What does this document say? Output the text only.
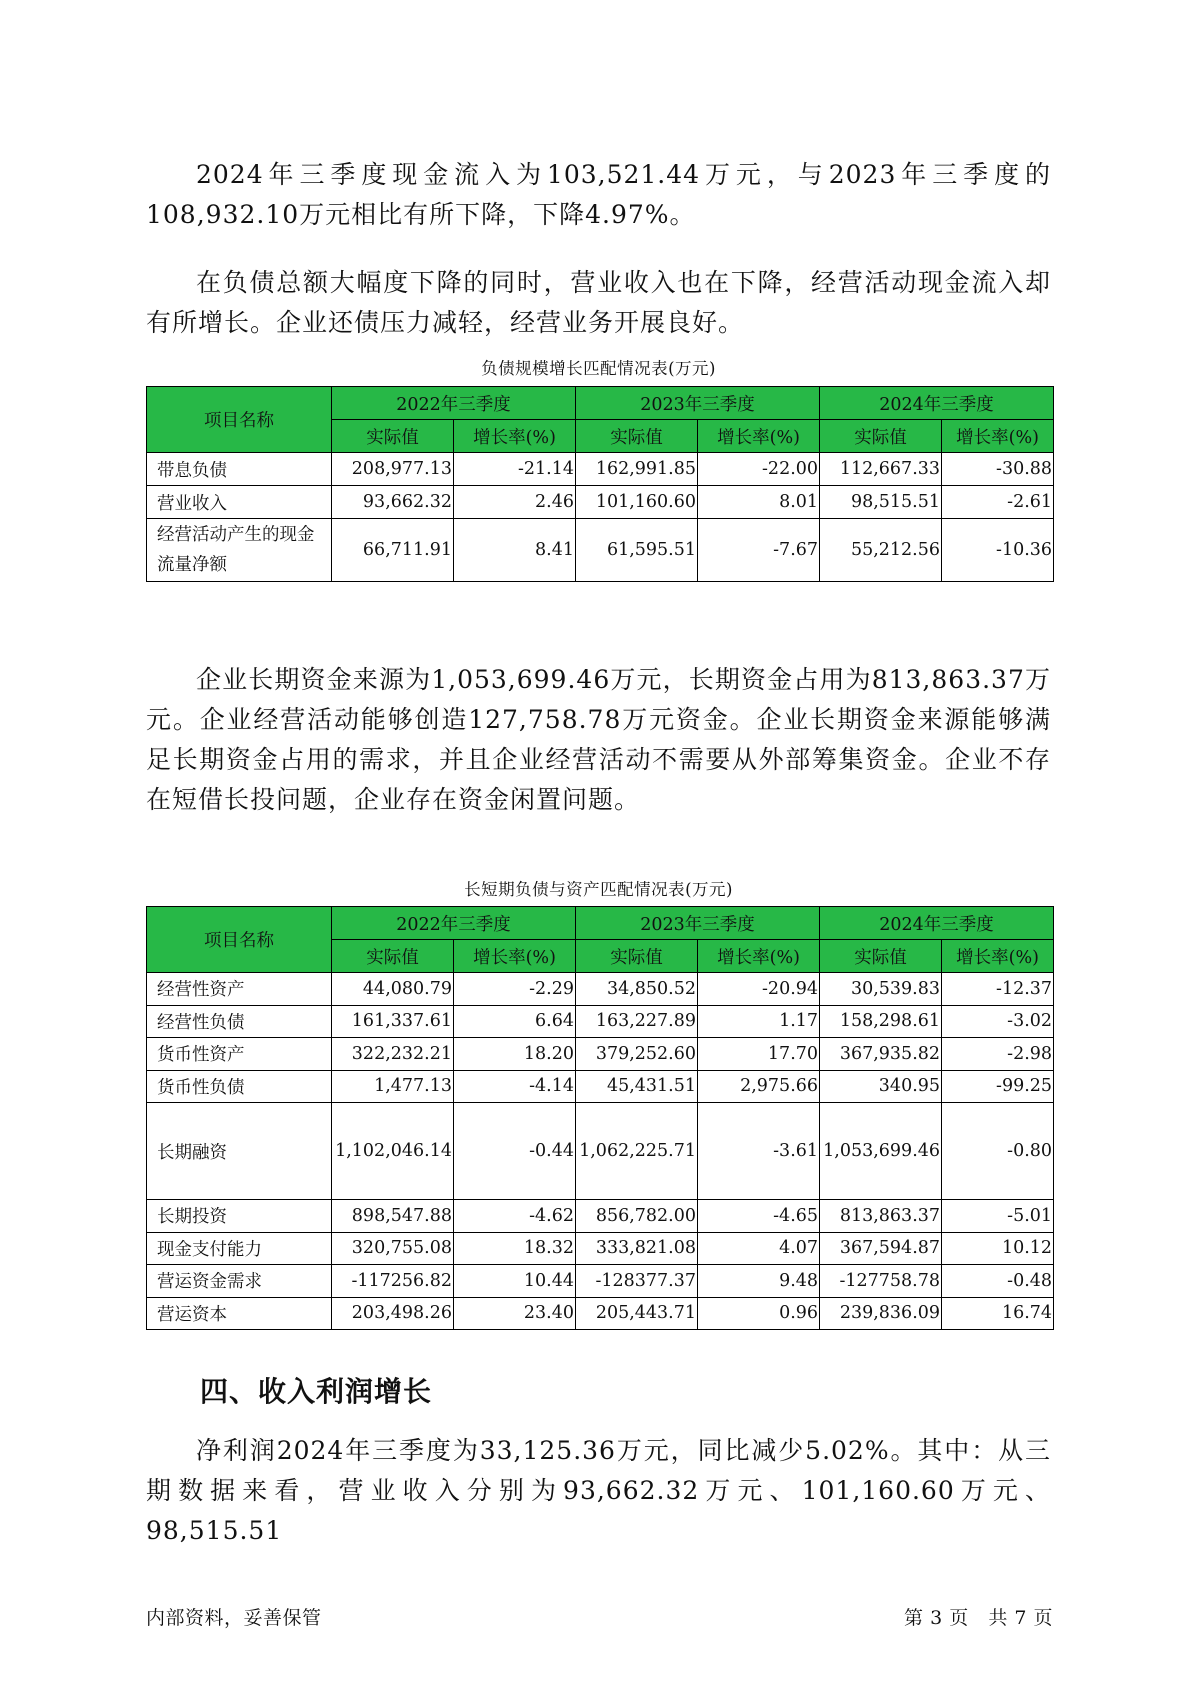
2024年三季度现金流入为103,521.44万元，与2023年三季度的108,932.10万元相比有所下降，下降4.97%。

在负债总额大幅度下降的同时，营业收入也在下降，经营活动现金流入却有所增长。企业还债压力减轻，经营业务开展良好。

负债规模增长匹配情况表(万元)
项目名称	2022年三季度		2023年三季度		2024年三季度	
	实际值	增长率(%)	实际值	增长率(%)	实际值	增长率(%)
带息负债	208,977.13	-21.14	162,991.85	-22.00	112,667.33	-30.88
营业收入	93,662.32	2.46	101,160.60	8.01	98,515.51	-2.61
经营活动产生的现金流量净额	66,711.91	8.41	61,595.51	-7.67	55,212.56	-10.36

企业长期资金来源为1,053,699.46万元，长期资金占用为813,863.37万元。企业经营活动能够创造127,758.78万元资金。企业长期资金来源能够满足长期资金占用的需求，并且企业经营活动不需要从外部筹集资金。企业不存在短借长投问题，企业存在资金闲置问题。

长短期负债与资产匹配情况表(万元)
项目名称	2022年三季度		2023年三季度		2024年三季度	
	实际值	增长率(%)	实际值	增长率(%)	实际值	增长率(%)
经营性资产	44,080.79	-2.29	34,850.52	-20.94	30,539.83	-12.37
经营性负债	161,337.61	6.64	163,227.89	1.17	158,298.61	-3.02
货币性资产	322,232.21	18.20	379,252.60	17.70	367,935.82	-2.98
货币性负债	1,477.13	-4.14	45,431.51	2,975.66	340.95	-99.25
长期融资	1,102,046.14	-0.44	1,062,225.71	-3.61	1,053,699.46	-0.80
长期投资	898,547.88	-4.62	856,782.00	-4.65	813,863.37	-5.01
现金支付能力	320,755.08	18.32	333,821.08	4.07	367,594.87	10.12
营运资金需求	-117256.82	10.44	-128377.37	9.48	-127758.78	-0.48
营运资本	203,498.26	23.40	205,443.71	0.96	239,836.09	16.74
四、收入利润增长

净利润2024年三季度为33,125.36万元，同比减少5.02%。其中：从三期数据来看，营业收入分别为93,662.32万元、101,160.60万元、98,515.51

内部资料，妥善保管	第 3 页   共 7 页
